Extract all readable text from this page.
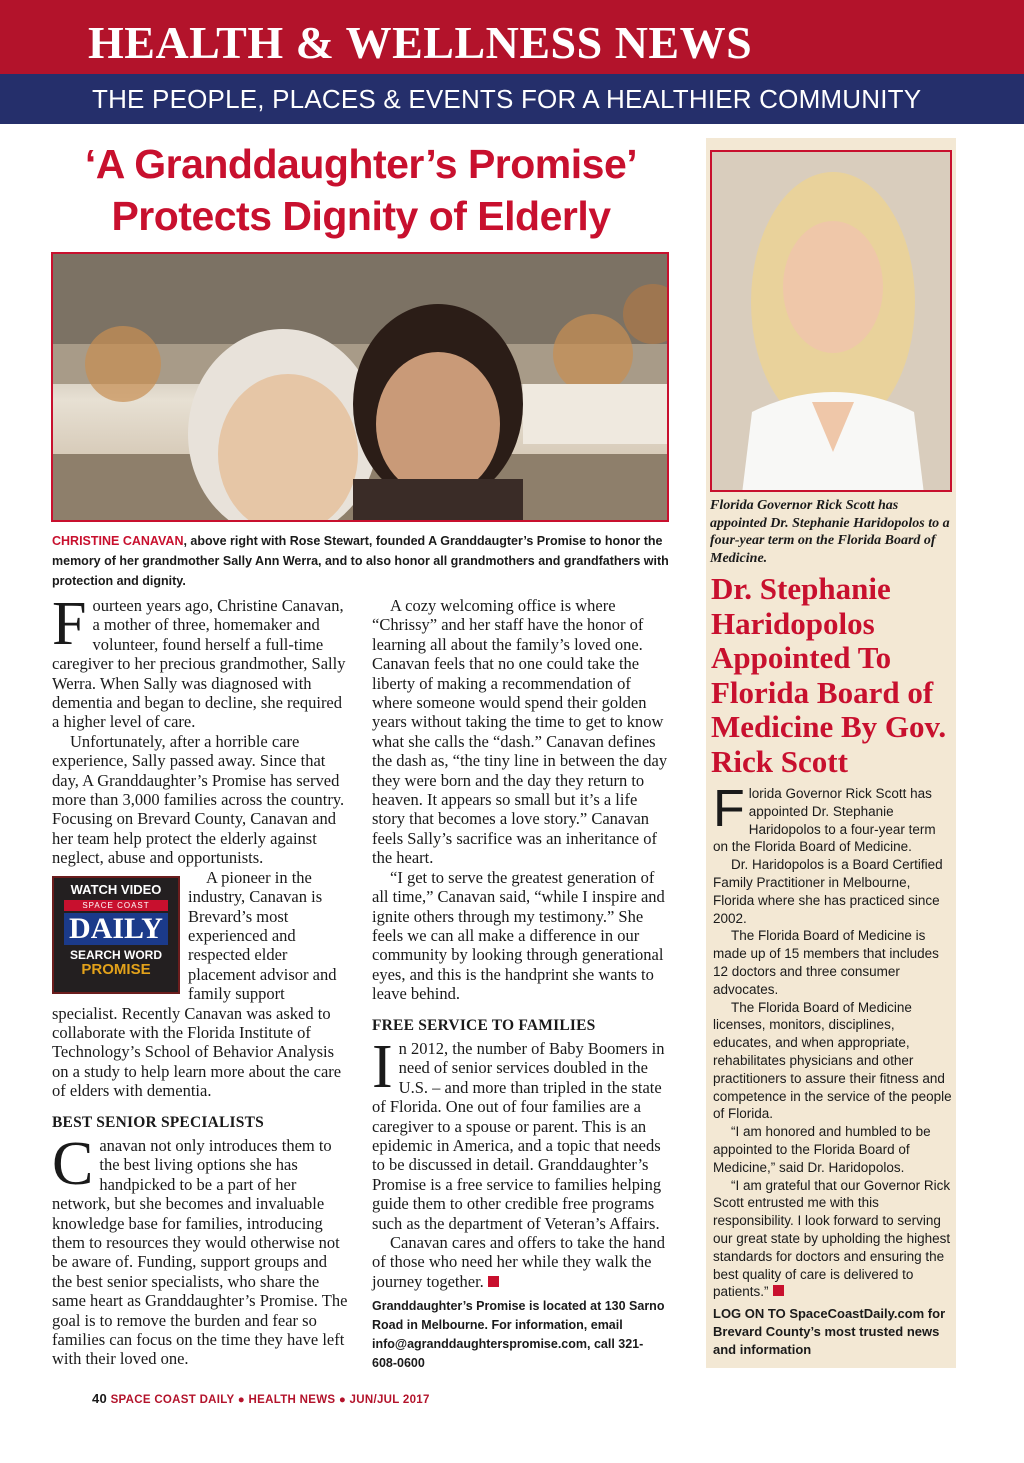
HEALTH & WELLNESS NEWS
THE PEOPLE, PLACES & EVENTS FOR A HEALTHIER COMMUNITY
‘A Granddaughter’s Promise’
Protects Dignity of Elderly
CHRISTINE CANAVAN, above right with Rose Stewart, founded A Granddaugter’s Promise to honor the memory of her grandmother Sally Ann Werra, and to also honor all grandmothers and grandfathers with protection and dignity.

Fourteen years ago, Christine Canavan, a mother of three, homemaker and volunteer, found herself a full-time caregiver to her precious grandmother, Sally Werra. When Sally was diagnosed with dementia and began to decline, she required a higher level of care.

Unfortunately, after a horrible care experience, Sally passed away. Since that day, A Granddaughter’s Promise has served more than 3,000 families across the country. Focusing on Brevard County, Canavan and her team help protect the elderly against neglect, abuse and opportunists.

WATCH VIDEO
SPACE COAST
DAILY
SEARCH WORD
PROMISE

A pioneer in the industry, Canavan is Brevard’s most experienced and respected elder placement advisor and family support specialist. Recently Canavan was asked to collaborate with the Florida Institute of Technology’s School of Behavior Analysis on a study to help learn more about the care of elders with dementia.

BEST SENIOR SPECIALISTS

Canavan not only introduces them to the best living options she has handpicked to be a part of her network, but she becomes and invaluable knowledge base for families, introducing them to resources they would otherwise not be aware of. Funding, support groups and the best senior specialists, who share the same heart as Granddaughter’s Promise. The goal is to remove the burden and fear so families can focus on the time they have left with their loved one.

A cozy welcoming office is where “Chrissy” and her staff have the honor of learning all about the family’s loved one. Canavan feels that no one could take the liberty of making a recommendation of where someone would spend their golden years without taking the time to get to know what she calls the “dash.” Canavan defines the dash as, “the tiny line in between the day they were born and the day they return to heaven. It appears so small but it’s a life story that becomes a love story.” Canavan feels Sally’s sacrifice was an inheritance of the heart.

“I get to serve the greatest generation of all time,” Canavan said, “while I inspire and ignite others through my testimony.” She feels we can all make a difference in our community by looking through generational eyes, and this is the handprint she wants to leave behind.

FREE SERVICE TO FAMILIES

In 2012, the number of Baby Boomers in need of senior services doubled in the U.S. – and more than tripled in the state of Florida. One out of four families are a caregiver to a spouse or parent. This is an epidemic in America, and a topic that needs to be discussed in detail. Granddaughter’s Promise is a free service to families helping guide them to other credible free programs such as the department of Veteran’s Affairs.

Canavan cares and offers to take the hand of those who need her while they walk the journey together.

Granddaughter’s Promise is located at 130 Sarno Road in Melbourne. For information, email info@agranddaughterspromise.com, call 321-608-0600
Florida Governor Rick Scott has appointed Dr. Stephanie Haridopolos to a four-year term on the Florida Board of Medicine.
Dr. Stephanie Haridopolos Appointed To Florida Board of Medicine By Gov. Rick Scott

Florida Governor Rick Scott has appointed Dr. Stephanie Haridopolos to a four-year term on the Florida Board of Medicine.

Dr. Haridopolos is a Board Certified Family Practitioner in Melbourne, Florida where she has practiced since 2002.

The Florida Board of Medicine is made up of 15 members that includes 12 doctors and three consumer advocates.

The Florida Board of Medicine licenses, monitors, disciplines, educates, and when appropriate, rehabilitates physicians and other practitioners to assure their fitness and competence in the service of the people of Florida.

“I am honored and humbled to be appointed to the Florida Board of Medicine,” said Dr. Haridopolos.

“I am grateful that our Governor Rick Scott entrusted me with this responsibility. I look forward to serving our great state by upholding the highest standards for doctors and ensuring the best quality of care is delivered to patients.”

LOG ON TO SpaceCoastDaily.com for Brevard County’s most trusted news and information
40 SPACE COAST DAILY ● HEALTH NEWS ● JUN/JUL 2017
